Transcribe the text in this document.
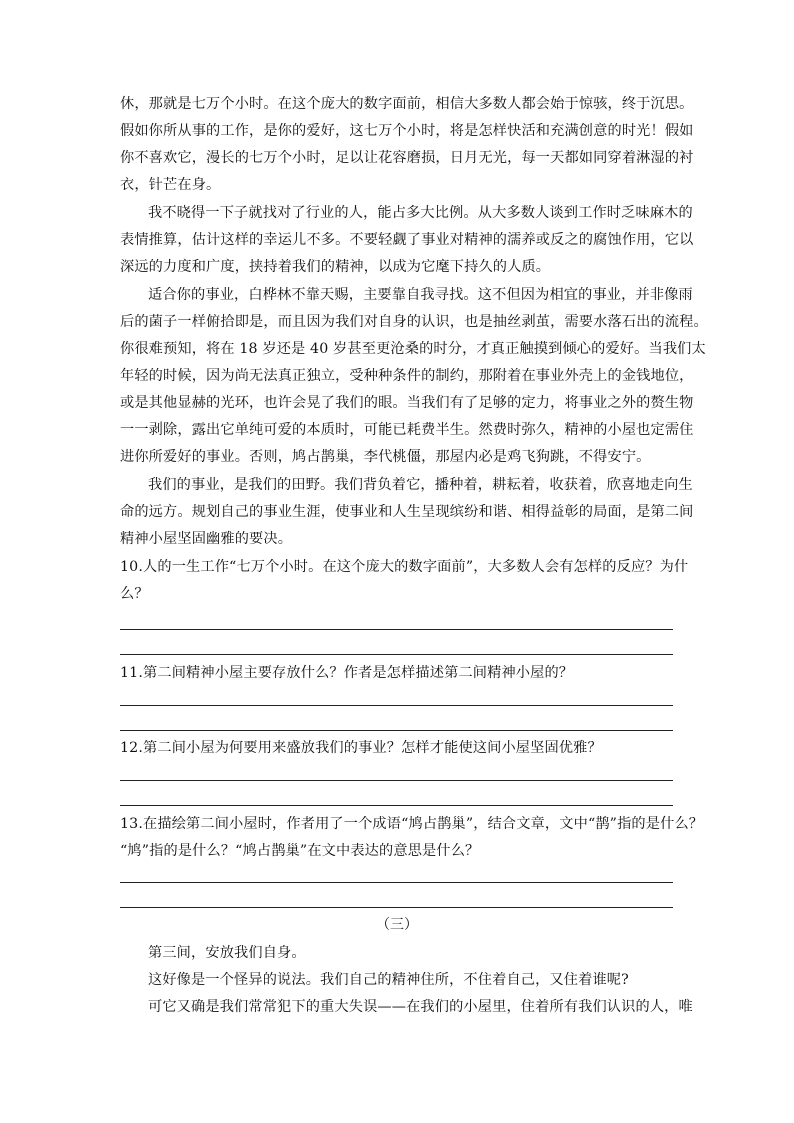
休，那就是七万个小时。在这个庞大的数字面前，相信大多数人都会始于惊骇，终于沉思。
假如你所从事的工作，是你的爱好，这七万个小时，将是怎样快活和充满创意的时光！假如
你不喜欢它，漫长的七万个小时，足以让花容磨损，日月无光，每一天都如同穿着淋湿的衬
衣，针芒在身。
我不晓得一下子就找对了行业的人，能占多大比例。从大多数人谈到工作时乏味麻木的
表情推算，估计这样的幸运儿不多。不要轻觑了事业对精神的濡养或反之的腐蚀作用，它以
深远的力度和广度，挟持着我们的精神，以成为它麾下持久的人质。
适合你的事业，白桦林不靠天赐，主要靠自我寻找。这不但因为相宜的事业，并非像雨
后的菌子一样俯拾即是，而且因为我们对自身的认识，也是抽丝剥茧，需要水落石出的流程。
你很难预知，将在 18 岁还是 40 岁甚至更沧桑的时分，才真正触摸到倾心的爱好。当我们太
年轻的时候，因为尚无法真正独立，受种种条件的制约，那附着在事业外壳上的金钱地位，
或是其他显赫的光环，也许会晃了我们的眼。当我们有了足够的定力，将事业之外的赘生物
一一剥除，露出它单纯可爱的本质时，可能已耗费半生。然费时弥久，精神的小屋也定需住
进你所爱好的事业。否则，鸠占鹊巢，李代桃僵，那屋内必是鸡飞狗跳，不得安宁。
我们的事业，是我们的田野。我们背负着它，播种着，耕耘着，收获着，欣喜地走向生
命的远方。规划自己的事业生涯，使事业和人生呈现缤纷和谐、相得益彰的局面，是第二间
精神小屋坚固幽雅的要决。
10.人的一生工作“七万个小时。在这个庞大的数字面前”，大多数人会有怎样的反应？为什
么？
11.第二间精神小屋主要存放什么？作者是怎样描述第二间精神小屋的？
12.第二间小屋为何要用来盛放我们的事业？怎样才能使这间小屋坚固优雅？
13.在描绘第二间小屋时，作者用了一个成语“鸠占鹊巢”，结合文章，文中“鹊”指的是什么？
“鸠”指的是什么？“鸠占鹊巢”在文中表达的意思是什么？
（三）
第三间，安放我们自身。
这好像是一个怪异的说法。我们自己的精神住所，不住着自己，又住着谁呢?
可它又确是我们常常犯下的重大失误——在我们的小屋里，住着所有我们认识的人，唯
